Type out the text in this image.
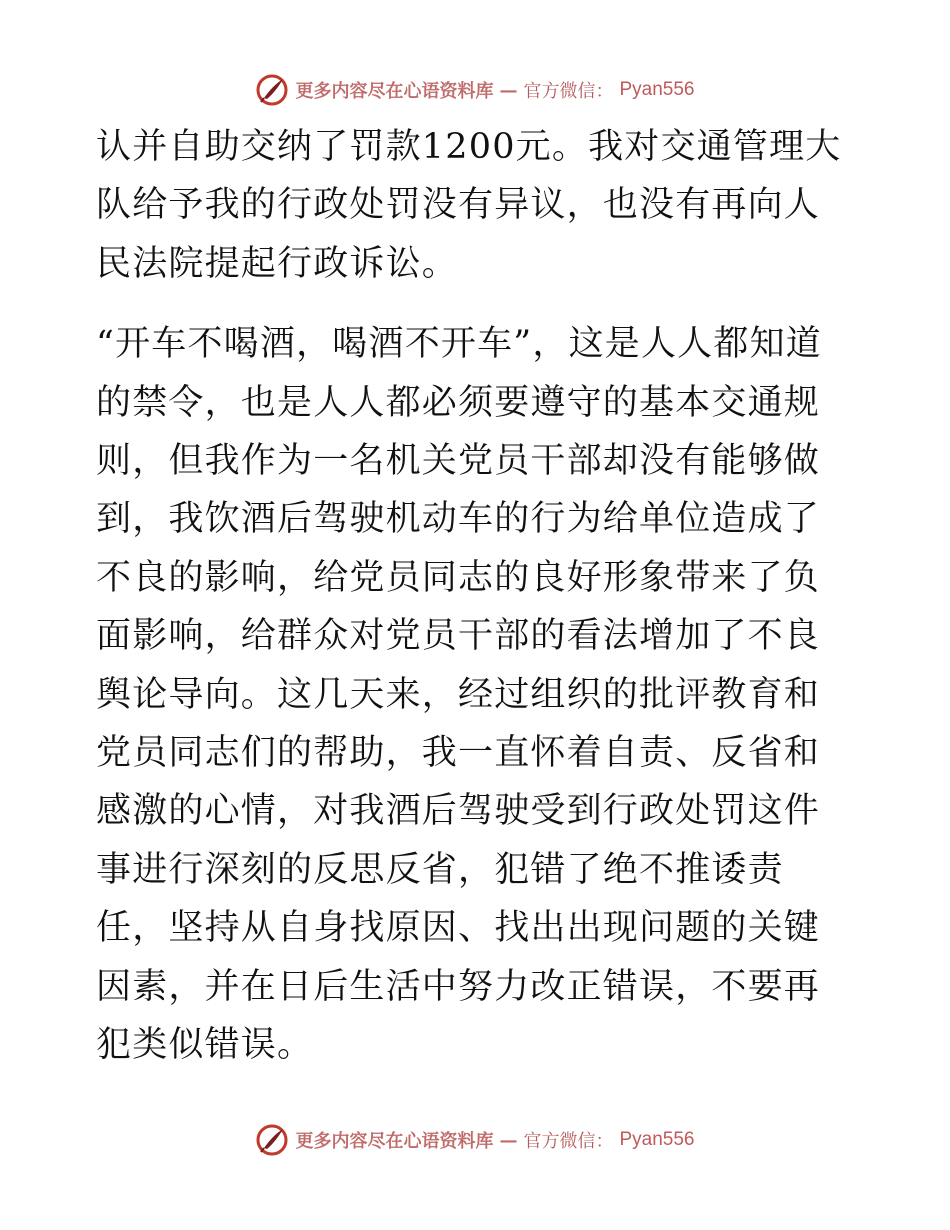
更多内容尽在心语资料库 — 官方微信： Pyan556

认并自助交纳了罚款1200元。我对交通管理大队给予我的行政处罚没有异议，也没有再向人民法院提起行政诉讼。

“开车不喝酒，喝酒不开车”，这是人人都知道的禁令，也是人人都必须要遵守的基本交通规则，但我作为一名机关党员干部却没有能够做到，我饮酒后驾驶机动车的行为给单位造成了不良的影响，给党员同志的良好形象带来了负面影响，给群众对党员干部的看法增加了不良舆论导向。这几天来，经过组织的批评教育和党员同志们的帮助，我一直怀着自责、反省和感激的心情，对我酒后驾驶受到行政处罚这件事进行深刻的反思反省，犯错了绝不推诿责任，坚持从自身找原因、找出出现问题的关键因素，并在日后生活中努力改正错误，不要再犯类似错误。

更多内容尽在心语资料库 — 官方微信： Pyan556
